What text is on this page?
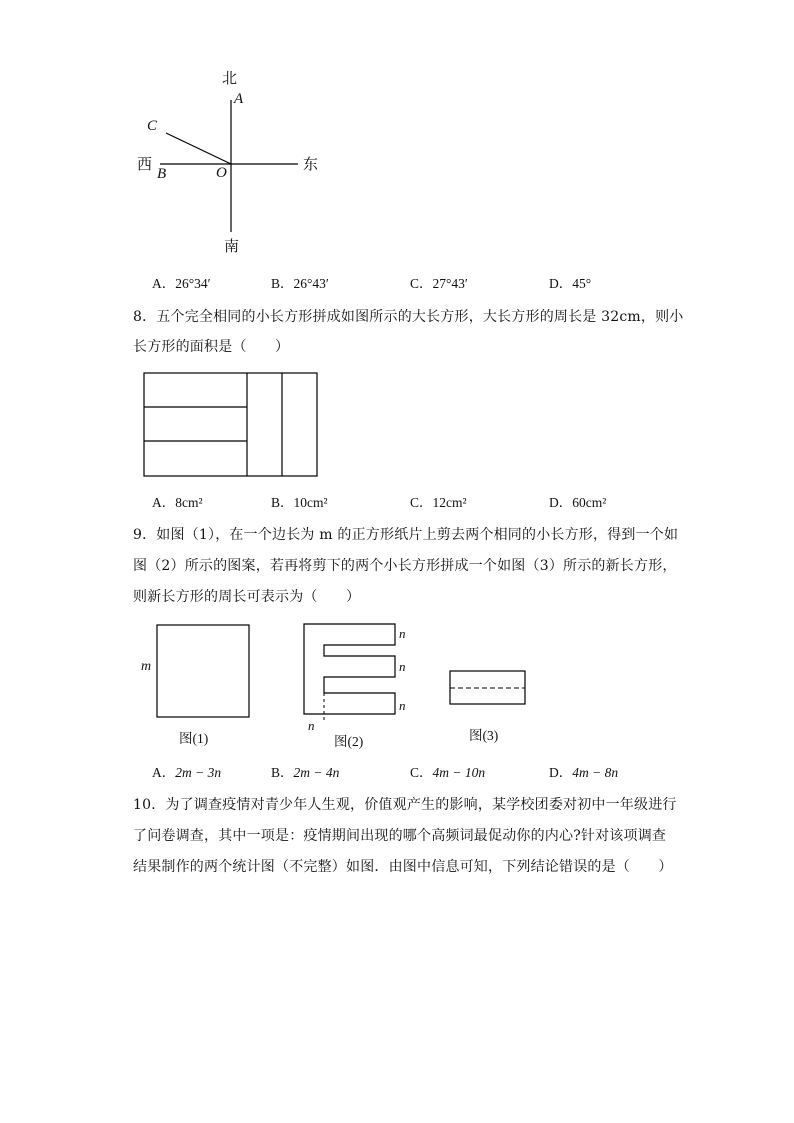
北
A
C
西
B	O	东
南
A．26°34′	B．26°43′	C．27°43′	D．45°
8．五个完全相同的小长方形拼成如图所示的大长方形，大长方形的周长是 32cm，则小
长方形的面积是（　　）
A．8cm²	B．10cm²	C．12cm²	D．60cm²
9．如图（1），在一个边长为 m 的正方形纸片上剪去两个相同的小长方形，得到一个如
图（2）所示的图案，若再将剪下的两个小长方形拼成一个如图（3）所示的新长方形，
则新长方形的周长可表示为（　　）
m
n
n
n
n
图(1)	图(2)	图(3)
A．2m − 3n	B．2m − 4n	C．4m − 10n	D．4m − 8n
10．为了调查疫情对青少年人生观，价值观产生的影响，某学校团委对初中一年级进行
了问卷调查，其中一项是：疫情期间出现的哪个高频词最促动你的内心?针对该项调查
结果制作的两个统计图（不完整）如图．由图中信息可知，下列结论错误的是（　　）
